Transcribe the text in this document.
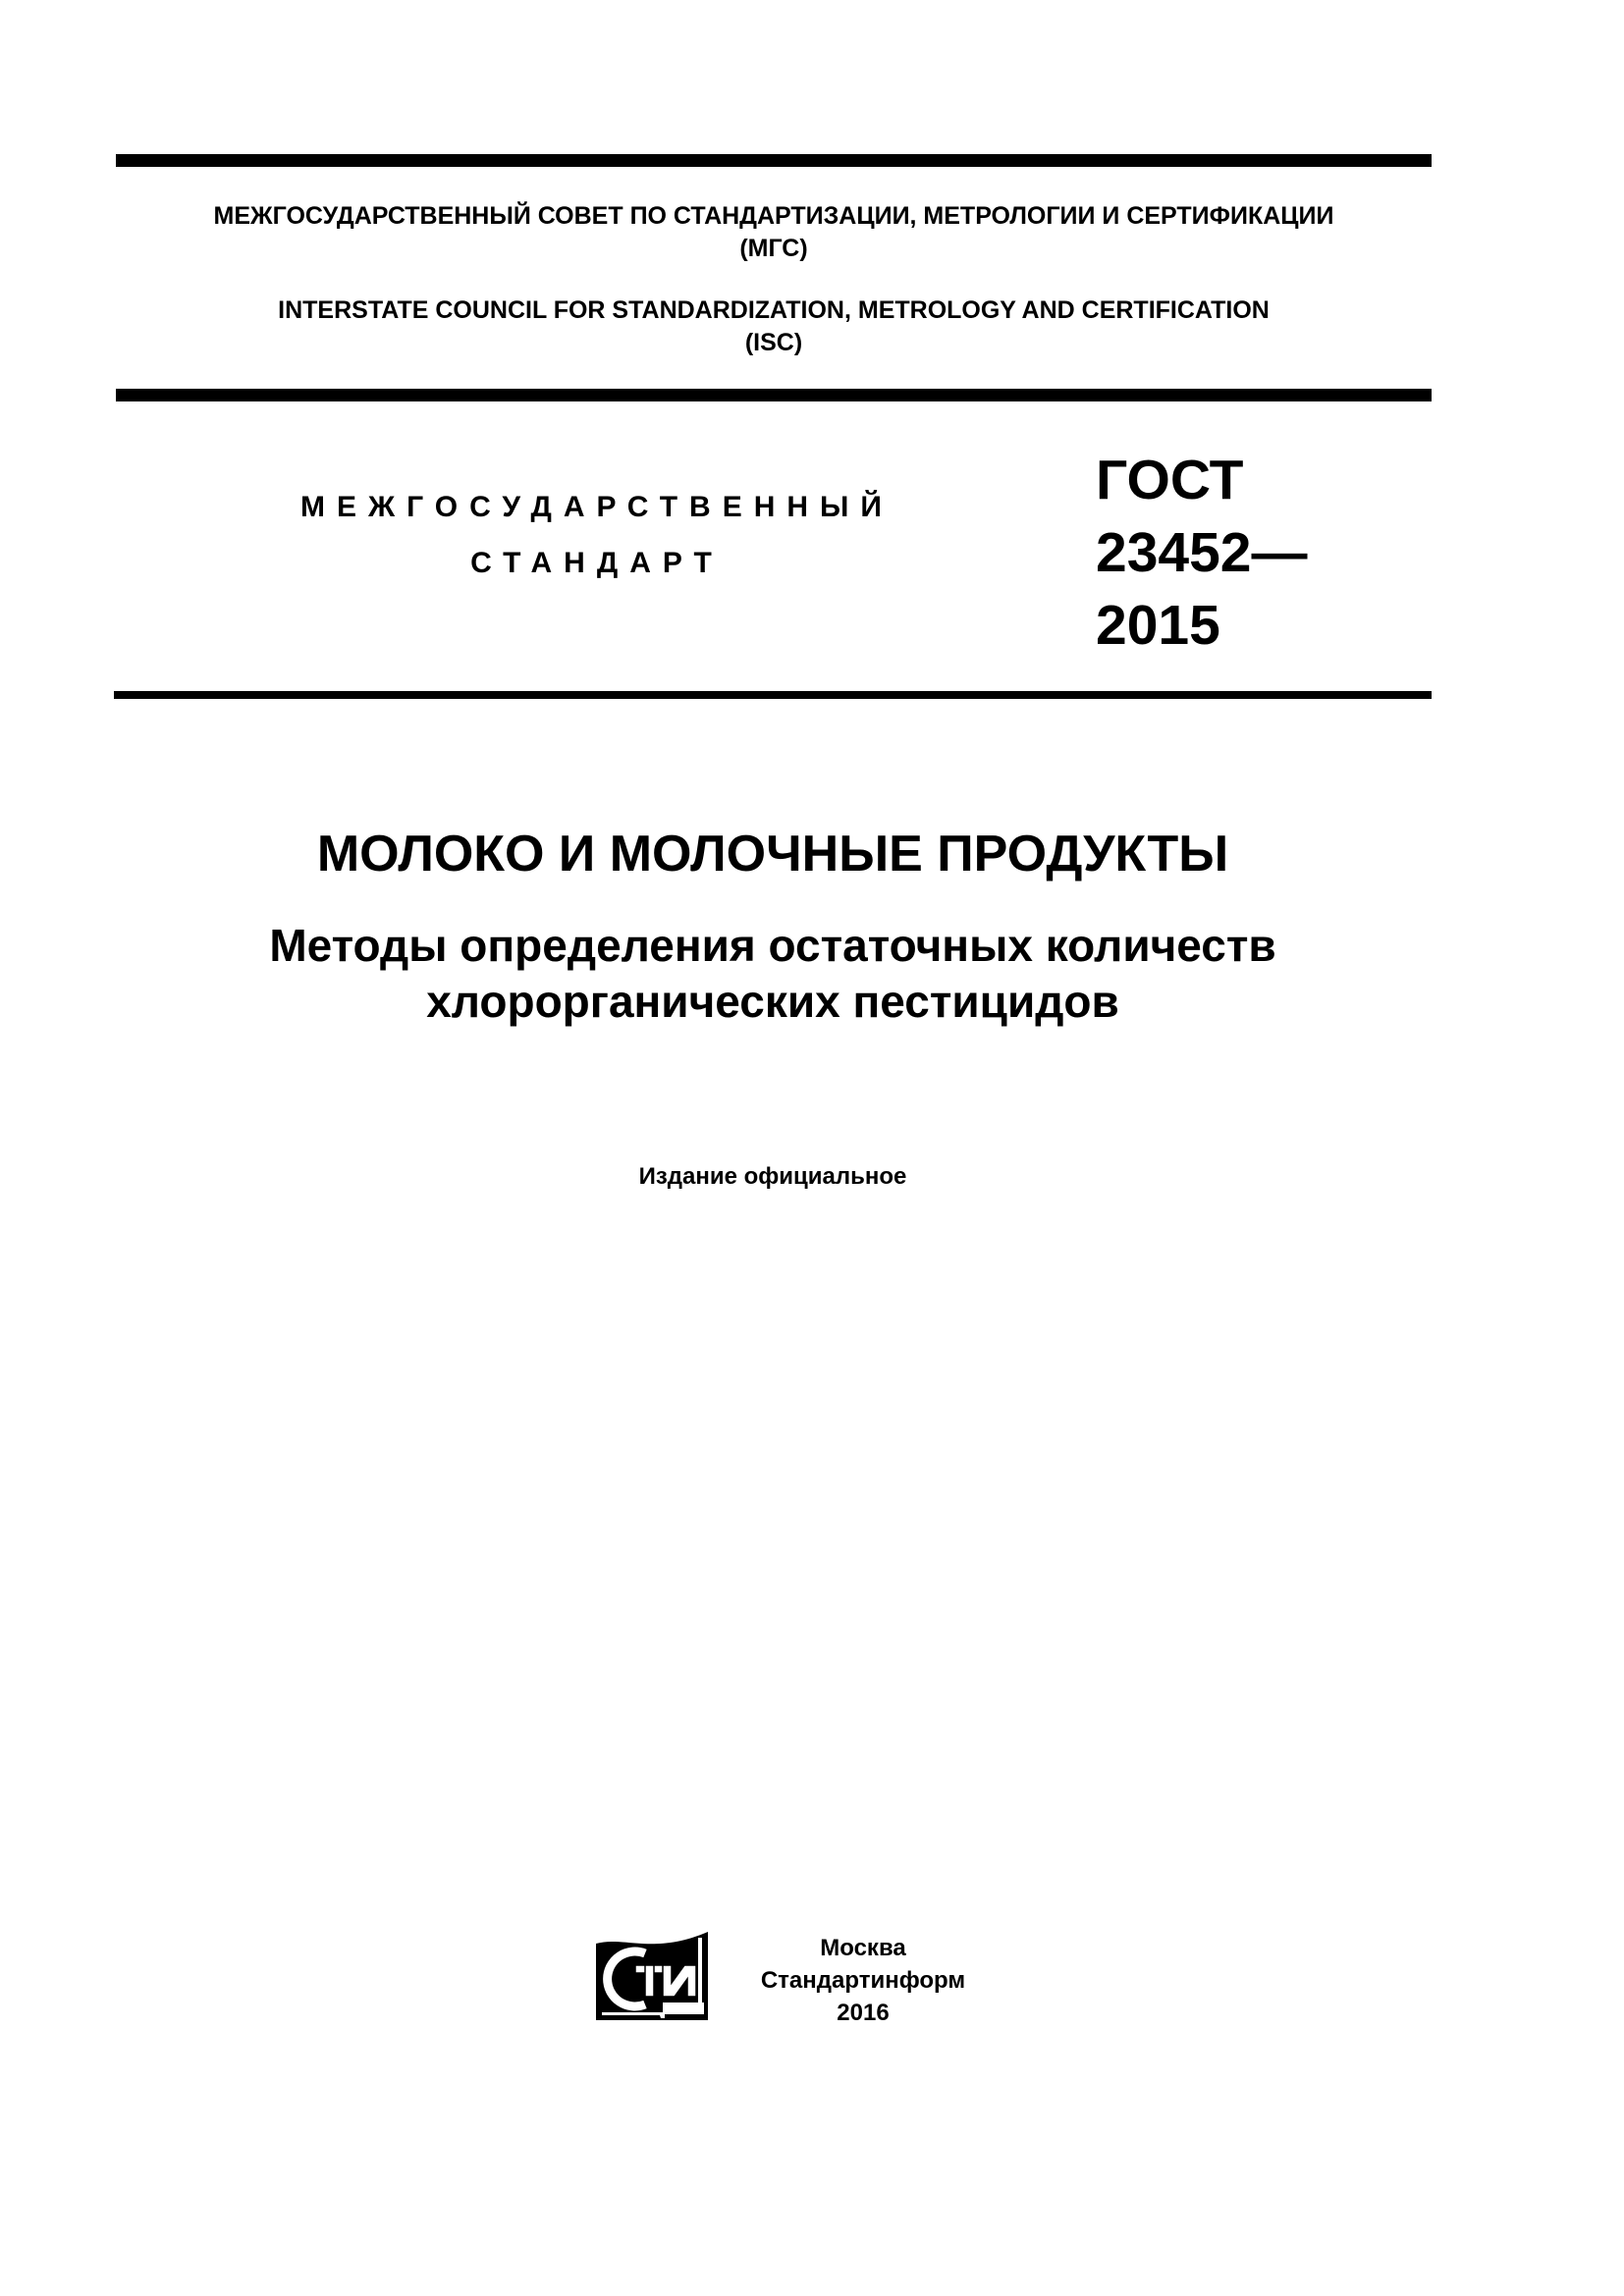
МЕЖГОСУДАРСТВЕННЫЙ СОВЕТ ПО СТАНДАРТИЗАЦИИ, МЕТРОЛОГИИ И СЕРТИФИКАЦИИ
(МГС)
INTERSTATE COUNCIL FOR STANDARDIZATION, METROLOGY AND CERTIFICATION
(ISC)
МЕЖГОСУДАРСТВЕННЫЙ
СТАНДАРТ
ГОСТ
23452—
2015
МОЛОКО И МОЛОЧНЫЕ ПРОДУКТЫ
Методы определения остаточных количеств
хлорорганических пестицидов
Издание официальное
Москва
Стандартинформ
2016
